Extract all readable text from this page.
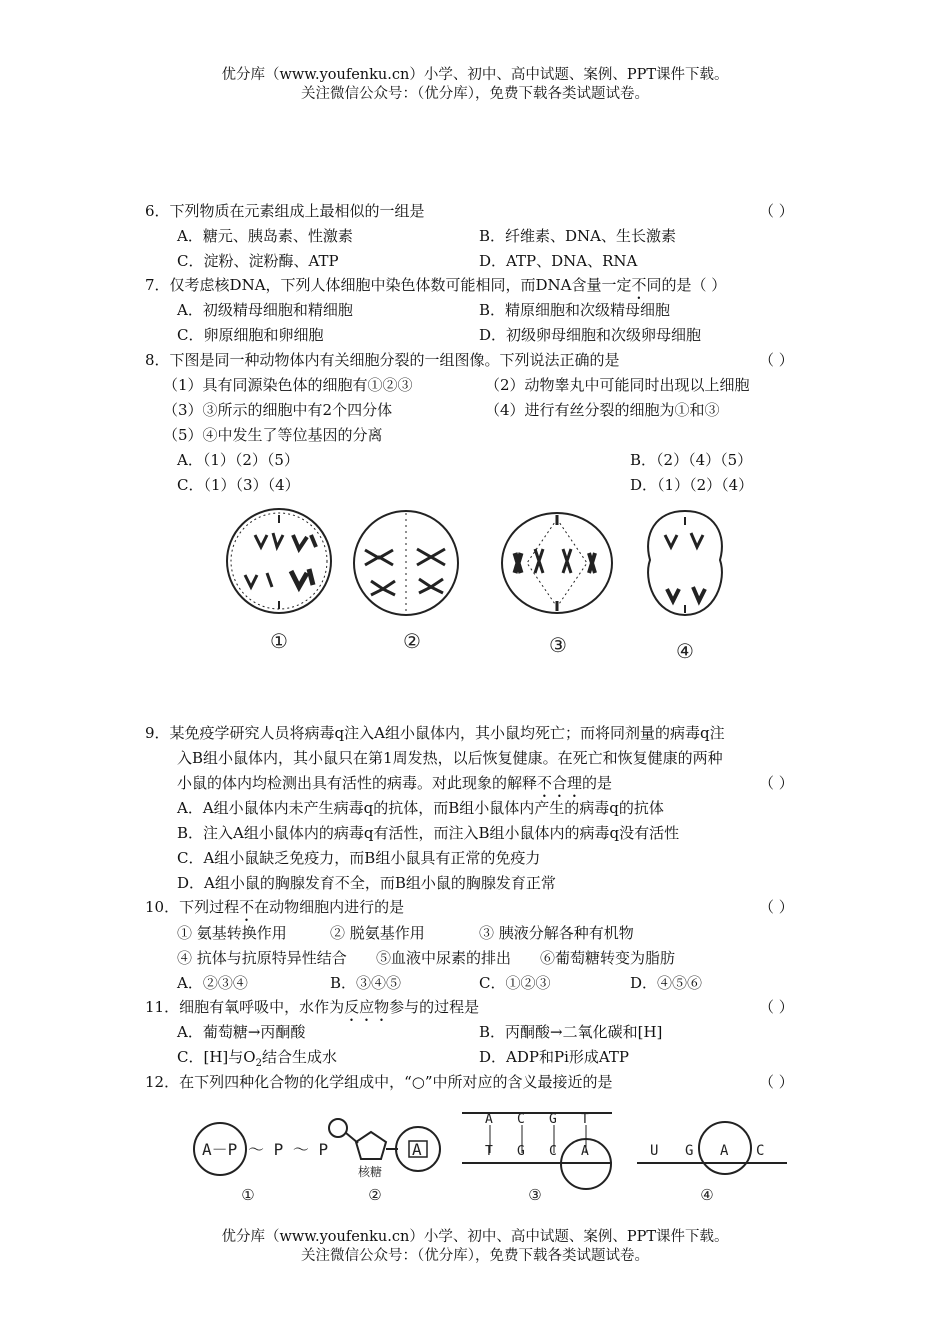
优分库（www.youfenku.cn）小学、初中、高中试题、案例、PPT课件下载。
关注微信公众号：（优分库），免费下载各类试题试卷。
6．下列物质在元素组成上最相似的一组是	（ ）
A．糖元、胰岛素、性激素	B．纤维素、DNA、生长激素
C．淀粉、淀粉酶、ATP	D．ATP、DNA、RNA
7．仅考虑核DNA，下列人体细胞中染色体数可能相同，而DNA含量一定不同的是（ ）
A．初级精母细胞和精细胞	B．精原细胞和次级精母细胞
C．卵原细胞和卵细胞	D．初级卵母细胞和次级卵母细胞
8．下图是同一种动物体内有关细胞分裂的一组图像。下列说法正确的是	（ ）
（1）具有同源染色体的细胞有①②③	（2）动物睾丸中可能同时出现以上细胞
（3）③所示的细胞中有2个四分体	（4）进行有丝分裂的细胞为①和③
（5）④中发生了等位基因的分离
A．（1）（2）（5）	B．（2）（4）（5）
C．（1）（3）（4）	D．（1）（2）（4）
①	②	③	④
9．某免疫学研究人员将病毒q注入A组小鼠体内，其小鼠均死亡；而将同剂量的病毒q注
入B组小鼠体内，其小鼠只在第1周发热，以后恢复健康。在死亡和恢复健康的两种
小鼠的体内均检测出具有活性的病毒。对此现象的解释不合理的是	（ ）
A．A组小鼠体内未产生病毒q的抗体，而B组小鼠体内产生的病毒q的抗体
B．注入A组小鼠体内的病毒q有活性，而注入B组小鼠体内的病毒q没有活性
C．A组小鼠缺乏免疫力，而B组小鼠具有正常的免疫力
D．A组小鼠的胸腺发育不全，而B组小鼠的胸腺发育正常
10．下列过程不在动物细胞内进行的是	（ ）
① 氨基转换作用	② 脱氨基作用	③ 胰液分解各种有机物
④ 抗体与抗原特异性结合 ⑤血液中尿素的排出 ⑥葡萄糖转变为脂肪
A．②③④	B．③④⑤	C．①②③	D．④⑤⑥
11．细胞有氧呼吸中，水作为反应物参与的过程是	（ ）
A．葡萄糖→丙酮酸	B．丙酮酸→二氧化碳和[H]
C．[H]与$O_2$结合生成水	D．ADP和Pi形成ATP
12．在下列四种化合物的化学组成中，“○”中所对应的含义最接近的是	（ ）
A－P ～ P ～ P	A
A C G T
T G C A	U G A C
核糖
①	②	③	④
优分库（www.youfenku.cn）小学、初中、高中试题、案例、PPT课件下载。
关注微信公众号：（优分库），免费下载各类试题试卷。
